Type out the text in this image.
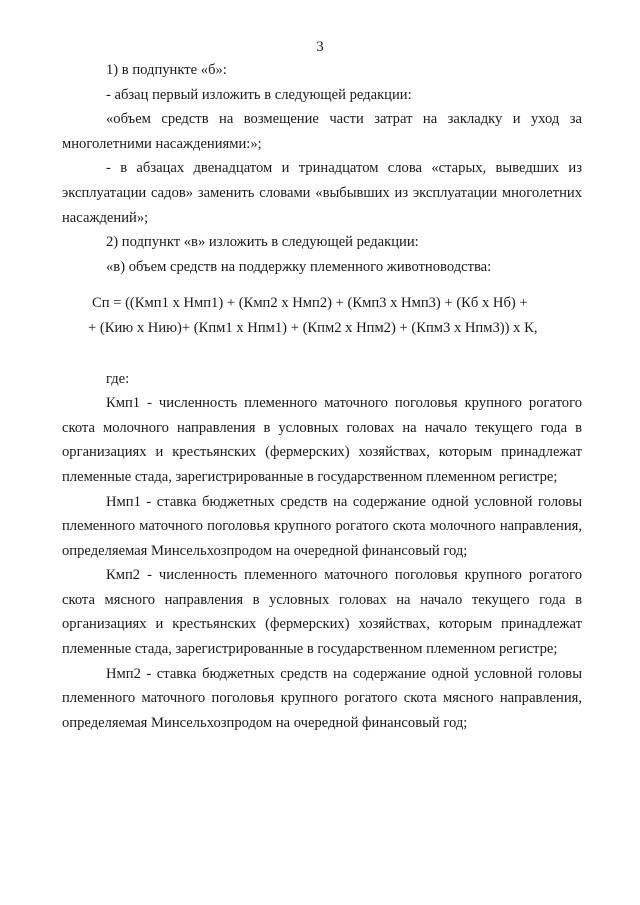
3

1) в подпункте «б»:

- абзац первый изложить в следующей редакции:

«объем средств на возмещение части затрат на закладку и уход за многолетними насаждениями:»;

- в абзацах двенадцатом и тринадцатом слова «старых, выведших из эксплуатации садов» заменить словами «выбывших из эксплуатации многолетних насаждений»;

2) подпункт «в» изложить в следующей редакции:

«в) объем средств на поддержку племенного животноводства:

Сп = ((Кмп1 х Нмп1) + (Кмп2 х Нмп2) + (Кмп3 х Нмп3) + (Кб х Нб) +

+ (Кию х Нию)+ (Кпм1 х Нпм1) + (Кпм2 х Нпм2) + (Кпм3 х Нпм3)) х К,

где:

Кмп1 - численность племенного маточного поголовья крупного рогатого скота молочного направления в условных головах на начало текущего года в организациях и крестьянских (фермерских) хозяйствах, которым принадлежат племенные стада, зарегистрированные в государственном племенном регистре;

Нмп1 - ставка бюджетных средств на содержание одной условной головы племенного маточного поголовья крупного рогатого скота молочного направления, определяемая Минсельхозпродом на очередной финансовый год;

Кмп2 - численность племенного маточного поголовья крупного рогатого скота мясного направления в условных головах на начало текущего года в организациях и крестьянских (фермерских) хозяйствах, которым принадлежат племенные стада, зарегистрированные в государственном племенном регистре;

Нмп2 - ставка бюджетных средств на содержание одной условной головы племенного маточного поголовья крупного рогатого скота мясного направления, определяемая Минсельхозпродом на очередной финансовый год;
